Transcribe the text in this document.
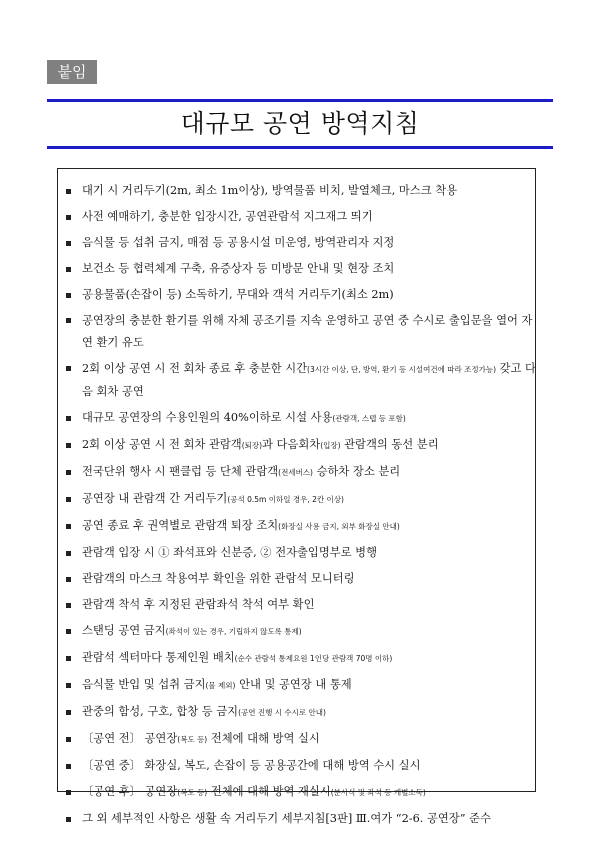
붙임
대규모 공연 방역지침
대기 시 거리두기(2m, 최소 1m이상), 방역물품 비치, 발열체크, 마스크 착용
사전 예매하기, 충분한 입장시간, 공연관람석 지그재그 띄기
음식물 등 섭취 금지, 매점 등 공용시설 미운영, 방역관리자 지정
보건소 등 협력체계 구축, 유증상자 등 미방문 안내 및 현장 조치
공용물품(손잡이 등) 소독하기, 무대와 객석 거리두기(최소 2m)
공연장의 충분한 환기를 위해 자체 공조기를 지속 운영하고 공연 중 수시로 출입문을 열어 자연 환기 유도
2회 이상 공연 시 전 회차 종료 후 충분한 시간(3시간 이상, 단, 방역, 환기 등 시설여건에 따라 조정가능) 갖고 다음 회차 공연
대규모 공연장의 수용인원의 40%이하로 시설 사용(관람객, 스텝 등 포함)
2회 이상 공연 시 전 회차 관람객(퇴장)과 다음회차(입장) 관람객의 동선 분리
전국단위 행사 시 팬클럽 등 단체 관람객(전세버스) 승하차 장소 분리
공연장 내 관람객 간 거리두기(공석 0.5m 이하일 경우, 2칸 이상)
공연 종료 후 권역별로 관람객 퇴장 조치(화장실 사용 금지, 외부 화장실 안내)
관람객 입장 시 ① 좌석표와 신분증, ② 전자출입명부로 병행
관람객의 마스크 착용여부 확인을 위한 관람석 모니터링
관람객 착석 후 지정된 관람좌석 착석 여부 확인
스탠딩 공연 금지(좌석이 있는 경우, 기립하지 않도록 통제)
관람석 섹터마다 통제인원 배치(순수 관람석 통제요원 1인당 관람객 70명 이하)
음식물 반입 및 섭취 금지(물 제외) 안내 및 공연장 내 통제
관중의 함성, 구호, 합창 등 금지(공연 진행 시 수시로 안내)
〔공연 전〕 공연장(복도 등) 전체에 대해 방역 실시
〔공연 중〕 화장실, 복도, 손잡이 등 공용공간에 대해 방역 수시 실시
〔공연 후〕 공연장(복도 등) 전체에 대해 방역 재실시(분사식 및 좌석 등 개별소독)
그 외 세부적인 사항은 생활 속 거리두기 세부지침[3판] Ⅲ.여가 “2-6. 공연장” 준수
